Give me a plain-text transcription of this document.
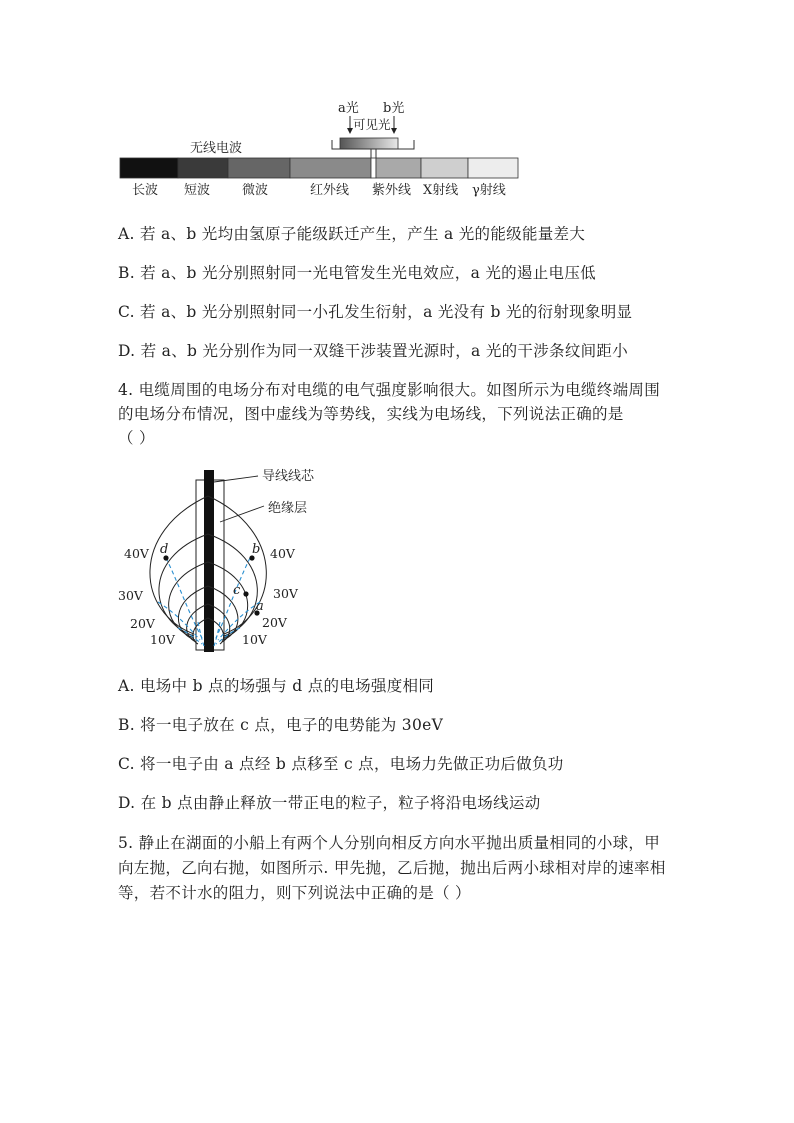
a光 b光
可见光
无线电波
长波 短波 微波	红外线 紫外线 X射线 γ射线
A. 若 a、b 光均由氢原子能级跃迁产生，产生 a 光的能级能量差大
B. 若 a、b 光分别照射同一光电管发生光电效应，a 光的遏止电压低
C. 若 a、b 光分别照射同一小孔发生衍射，a 光没有 b 光的衍射现象明显
D. 若 a、b 光分别作为同一双缝干涉装置光源时，a 光的干涉条纹间距小
4. 电缆周围的电场分布对电缆的电气强度影响很大。如图所示为电缆终端周围
的电场分布情况，图中虚线为等势线，实线为电场线，下列说法正确的是
（ ）
d	b
c
a
40V
30V
20V
10V
40V
30V
20V
10V
导线线芯
绝缘层
A. 电场中 b 点的场强与 d 点的电场强度相同
B. 将一电子放在 c 点，电子的电势能为 30eV
C. 将一电子由 a 点经 b 点移至 c 点，电场力先做正功后做负功
D. 在 b 点由静止释放一带正电的粒子，粒子将沿电场线运动
5. 静止在湖面的小船上有两个人分别向相反方向水平抛出质量相同的小球，甲
向左抛，乙向右抛，如图所示. 甲先抛，乙后抛，抛出后两小球相对岸的速率相
等，若不计水的阻力，则下列说法中正确的是（ ）
